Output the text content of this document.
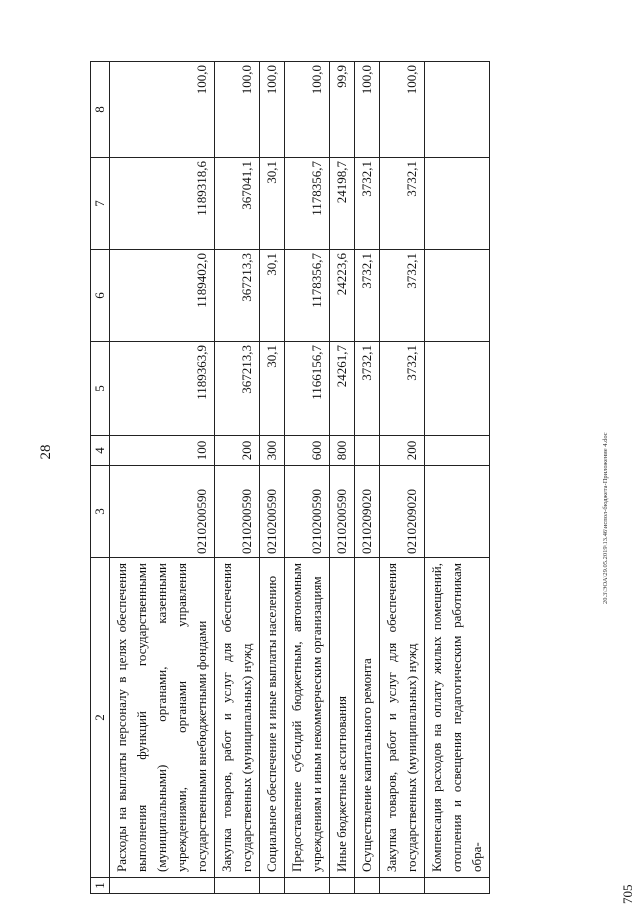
28
1	2	3	4	5	6	7	8
	Расходы на выплаты персоналу в целях обеспечения выполнения функций государственными (муниципальными) органами, казенными учреждениями, органами управления государственными внебюджетными фондами	0210200590	100	1189363,9	1189402,0	1189318,6	100,0
	Закупка товаров, работ и услуг для обеспечения государственных (муниципальных) нужд	0210200590	200	367213,3	367213,3	367041,1	100,0
	Социальное обеспечение и иные выплаты населению	0210200590	300	30,1	30,1	30,1	100,0
	Предоставление субсидий бюджетным, автономным учреждениям и иным некоммерческим организациям	0210200590	600	1166156,7	1178356,7	1178356,7	100,0
	Иные бюджетные ассигнования	0210200590	800	24261,7	24223,6	24198,7	99,9
	Осуществление капитального ремонта	0210209020		3732,1	3732,1	3732,1	100,0
	Закупка товаров, работ и услуг для обеспечения государственных (муниципальных) нужд	0210209020	200	3732,1	3732,1	3732,1	100,0
	Компенсация расходов на оплату жилых помещений, отопления и освещения педагогическим работникам обра-						
20.3\ЭОА\29.05.2019\13.46\испол-бюджета-Приложение 4.doc
705
